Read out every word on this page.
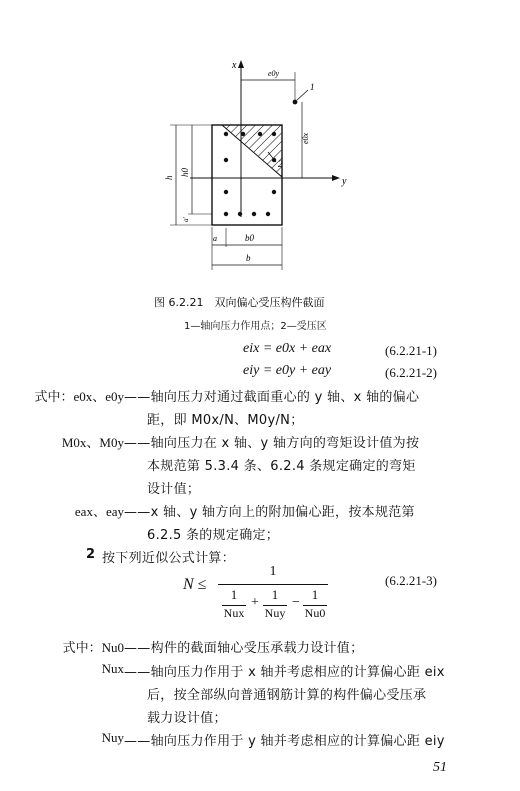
1
2
e0y
e0x
h
h0
a′
a	b0
b
x
y
图 6.2.21　双向偏心受压构件截面
1—轴向压力作用点；2—受压区
eix = e0x + eax	(6.2.21-1)
eiy = e0y + eay	(6.2.21-2)
式中：e0x、e0y ——轴向压力对通过截面重心的 y 轴、x 轴的偏心
距，即 M0x/N、M0y/N；
M0x、M0y ——轴向压力在 x 轴、y 轴方向的弯矩设计值为按
本规范第 5.3.4 条、6.2.4 条规定确定的弯矩
设计值；
eax、eay ——x 轴、y 轴方向上的附加偏心距，按本规范第
6.2.5 条的规定确定；
2 按下列近似公式计算：
N ≤
1
1
Nux
+
1
Nuy
−
1
Nu0
(6.2.21-3)
式中：Nu0 ——构件的截面轴心受压承载力设计值；
Nux ——轴向压力作用于 x 轴并考虑相应的计算偏心距 eix
后，按全部纵向普通钢筋计算的构件偏心受压承
载力设计值；
Nuy ——轴向压力作用于 y 轴并考虑相应的计算偏心距 eiy
51
